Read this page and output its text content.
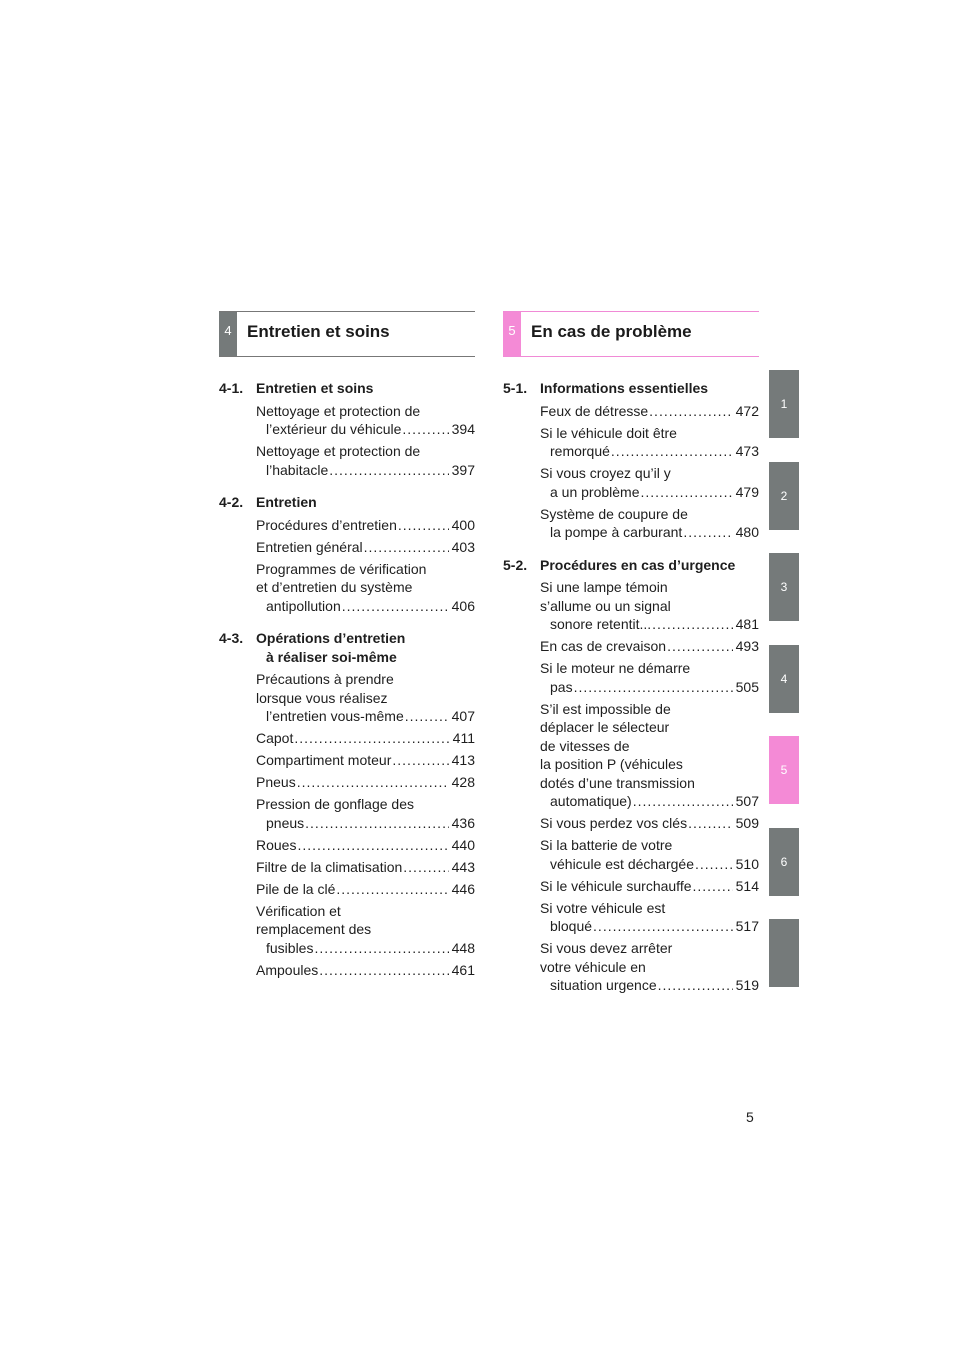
4 Entretien et soins
4-1. Entretien et soins
Nettoyage et protection de
l’extérieur du véhicule .....	394
Nettoyage et protection de
l’habitacle .....	397
4-2. Entretien
Procédures d’entretien .....	400
Entretien général .....	403
Programmes de vérification
et d’entretien du système
antipollution .....	406
4-3. Opérations d’entretien
à réaliser soi-même
Précautions à prendre
lorsque vous réalisez
l’entretien vous-même .....	407
Capot .....	411
Compartiment moteur .....	413
Pneus .....	428
Pression de gonflage des
pneus .....	436
Roues .....	440
Filtre de la climatisation .....	443
Pile de la clé .....	446
Vérification et
remplacement des
fusibles .....	448
Ampoules .....	461
5 En cas de problème
5-1. Informations essentielles
Feux de détresse .....	472
Si le véhicule doit être
remorqué .....	473
Si vous croyez qu’il y
a un problème .....	479
Système de coupure de
la pompe à carburant .....	480
5-2. Procédures en cas d’urgence
Si une lampe témoin
s’allume ou un signal
sonore retentit... .....	481
En cas de crevaison .....	493
Si le moteur ne démarre
pas .....	505
S’il est impossible de
déplacer le sélecteur
de vitesses de
la position P (véhicules
dotés d’une transmission
automatique) .....	507
Si vous perdez vos clés .....	509
Si la batterie de votre
véhicule est déchargée .....	510
Si le véhicule surchauffe .....	514
Si votre véhicule est
bloqué .....	517
Si vous devez arrêter
votre véhicule en
situation urgence .....	519
1
2
3
4
5
6
5
